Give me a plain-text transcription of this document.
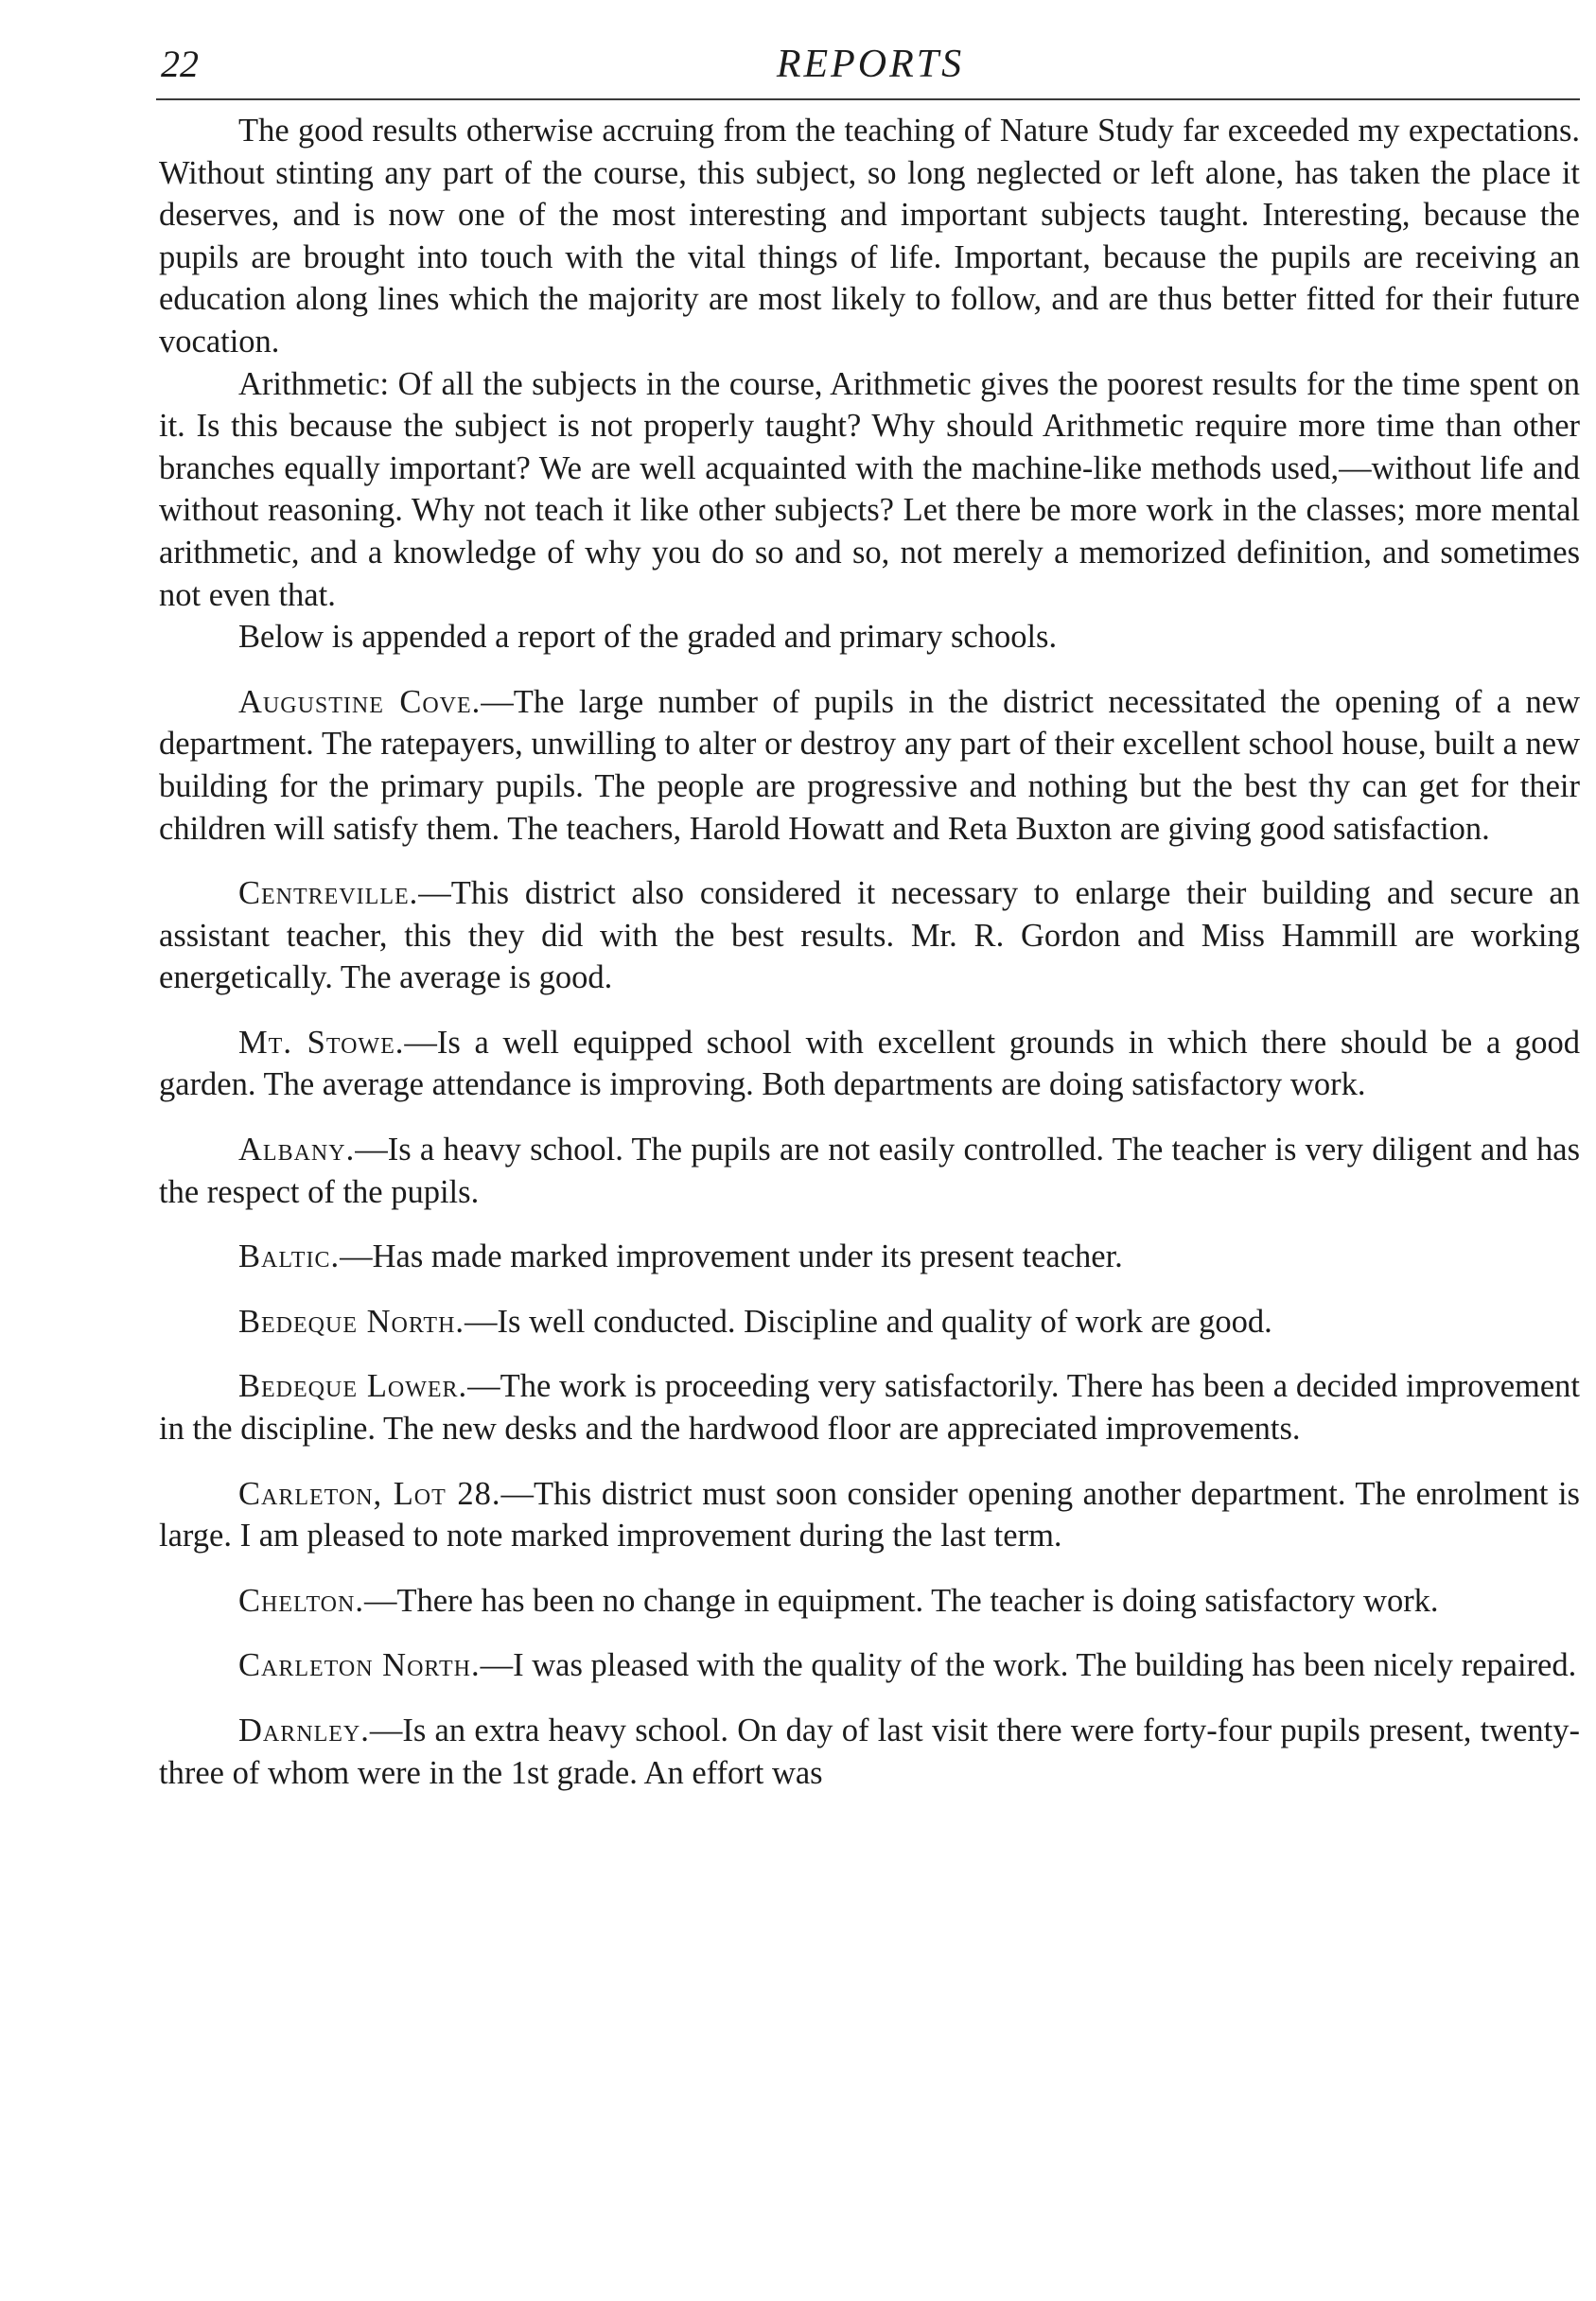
22	REPORTS

The good results otherwise accruing from the teaching of Nature Study far exceeded my expectations. Without stinting any part of the course, this subject, so long neglected or left alone, has taken the place it deserves, and is now one of the most interesting and important subjects taught. Interesting, because the pupils are brought into touch with the vital things of life. Important, because the pupils are receiving an education along lines which the majority are most likely to follow, and are thus better fitted for their future vocation.

Arithmetic: Of all the subjects in the course, Arithmetic gives the poorest results for the time spent on it. Is this because the subject is not properly taught? Why should Arithmetic require more time than other branches equally important? We are well acquainted with the machine-like methods used,—without life and without reasoning. Why not teach it like other subjects? Let there be more work in the classes; more mental arithmetic, and a knowledge of why you do so and so, not merely a memorized definition, and sometimes not even that.

Below is appended a report of the graded and primary schools.

Augustine Cove.—The large number of pupils in the district necessitated the opening of a new department. The ratepayers, unwilling to alter or destroy any part of their excellent school house, built a new building for the primary pupils. The people are progressive and nothing but the best thy can get for their children will satisfy them. The teachers, Harold Howatt and Reta Buxton are giving good satisfaction.

Centreville.—This district also considered it necessary to enlarge their building and secure an assistant teacher, this they did with the best results. Mr. R. Gordon and Miss Hammill are working energetically. The average is good.

Mt. Stowe.—Is a well equipped school with excellent grounds in which there should be a good garden. The average attendance is improving. Both departments are doing satisfactory work.

Albany.—Is a heavy school. The pupils are not easily controlled. The teacher is very diligent and has the respect of the pupils.

Baltic.—Has made marked improvement under its present teacher.

Bedeque North.—Is well conducted. Discipline and quality of work are good.

Bedeque Lower.—The work is proceeding very satisfactorily. There has been a decided improvement in the discipline. The new desks and the hardwood floor are appreciated improvements.

Carleton, Lot 28.—This district must soon consider opening another department. The enrolment is large. I am pleased to note marked improvement during the last term.

Chelton.—There has been no change in equipment. The teacher is doing satisfactory work.

Carleton North.—I was pleased with the quality of the work. The building has been nicely repaired.

Darnley.—Is an extra heavy school. On day of last visit there were forty-four pupils present, twenty-three of whom were in the 1st grade. An effort was
